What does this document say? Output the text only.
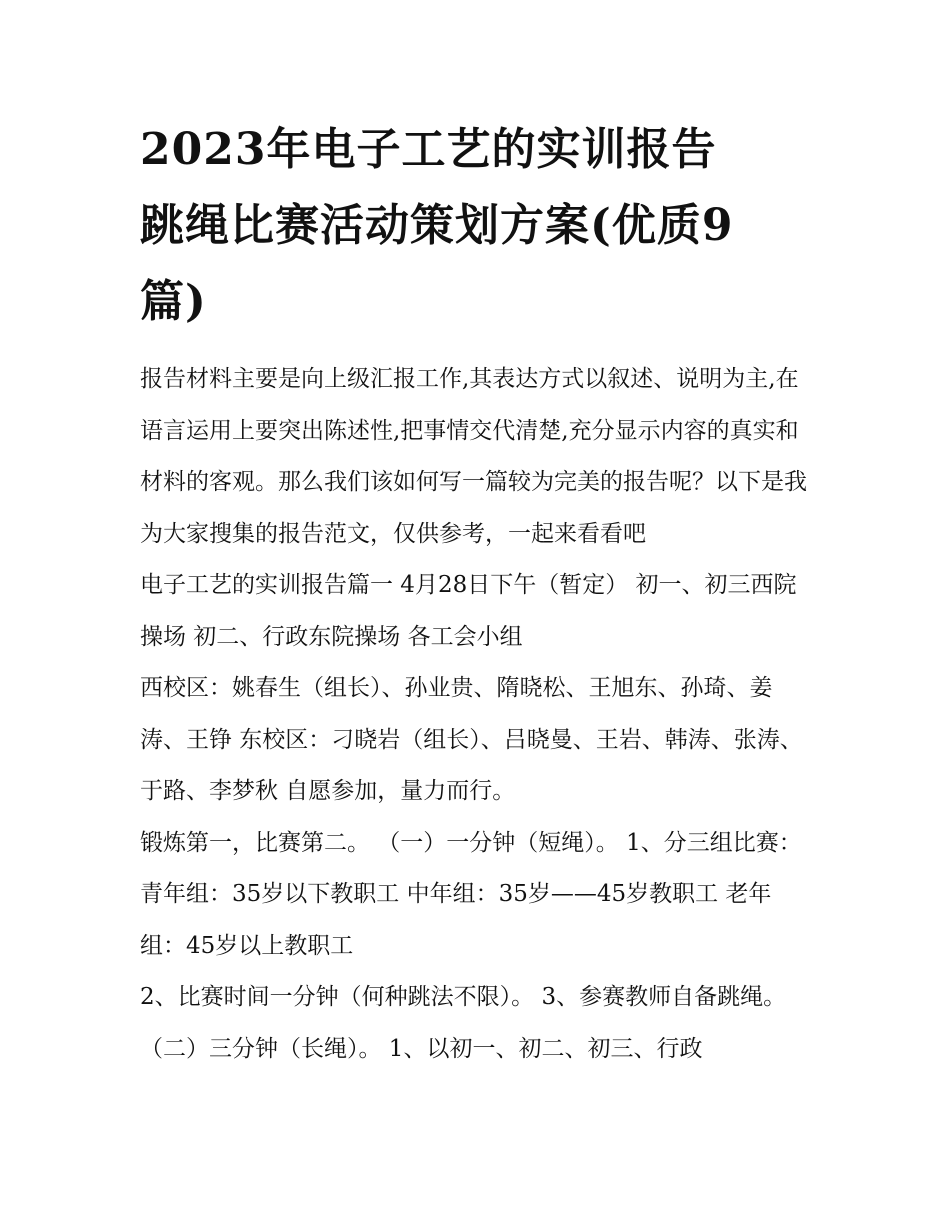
2023年电子工艺的实训报告
跳绳比赛活动策划方案(优质9
篇)

报告材料主要是向上级汇报工作,其表达方式以叙述、说明为主,在语言运用上要突出陈述性,把事情交代清楚,充分显示内容的真实和材料的客观。那么我们该如何写一篇较为完美的报告呢？以下是我为大家搜集的报告范文，仅供参考，一起来看看吧

电子工艺的实训报告篇一 4月28日下午（暂定） 初一、初三西院操场 初二、行政东院操场 各工会小组

西校区：姚春生（组长）、孙业贵、隋晓松、王旭东、孙琦、姜涛、王铮 东校区：刁晓岩（组长）、吕晓曼、王岩、韩涛、张涛、于路、李梦秋 自愿参加，量力而行。

锻炼第一，比赛第二。 （一）一分钟（短绳）。 1、分三组比赛： 青年组：35岁以下教职工 中年组：35岁——45岁教职工 老年组：45岁以上教职工

2、比赛时间一分钟（何种跳法不限）。 3、参赛教师自备跳绳。 （二）三分钟（长绳）。 1、以初一、初二、初三、行政
